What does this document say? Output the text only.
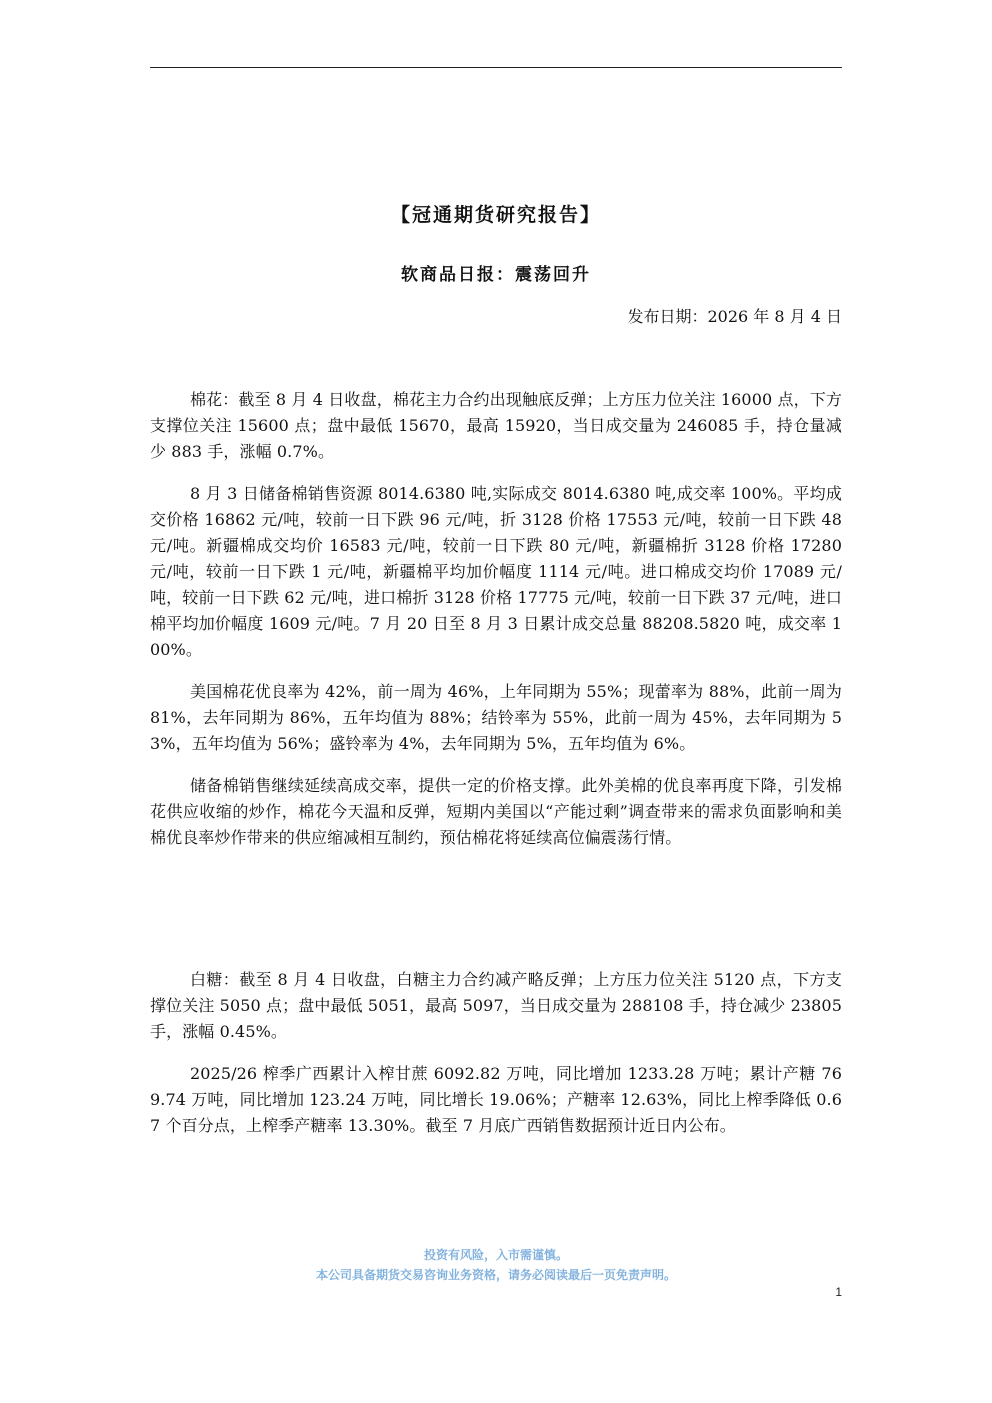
【冠通期货研究报告】
软商品日报：震荡回升
发布日期：2026 年 8 月 4 日

棉花：截至 8 月 4 日收盘，棉花主力合约出现触底反弹；上方压力位关注 16000 点，下方支撑位关注 15600 点；盘中最低 15670，最高 15920，当日成交量为 246085 手，持仓量减少 883 手，涨幅 0.7%。

8 月 3 日储备棉销售资源 8014.6380 吨,实际成交 8014.6380 吨,成交率 100%。平均成交价格 16862 元/吨，较前一日下跌 96 元/吨，折 3128 价格 17553 元/吨，较前一日下跌 48 元/吨。新疆棉成交均价 16583 元/吨，较前一日下跌 80 元/吨，新疆棉折 3128 价格 17280 元/吨，较前一日下跌 1 元/吨，新疆棉平均加价幅度 1114 元/吨。进口棉成交均价 17089 元/吨，较前一日下跌 62 元/吨，进口棉折 3128 价格 17775 元/吨，较前一日下跌 37 元/吨，进口棉平均加价幅度 1609 元/吨。7 月 20 日至 8 月 3 日累计成交总量 88208.5820 吨，成交率 100%。

美国棉花优良率为 42%，前一周为 46%，上年同期为 55%；现蕾率为 88%，此前一周为 81%，去年同期为 86%，五年均值为 88%；结铃率为 55%，此前一周为 45%，去年同期为 53%，五年均值为 56%；盛铃率为 4%，去年同期为 5%，五年均值为 6%。

储备棉销售继续延续高成交率，提供一定的价格支撑。此外美棉的优良率再度下降，引发棉花供应收缩的炒作，棉花今天温和反弹，短期内美国以“产能过剩”调查带来的需求负面影响和美棉优良率炒作带来的供应缩减相互制约，预估棉花将延续高位偏震荡行情。

白糖：截至 8 月 4 日收盘，白糖主力合约减产略反弹；上方压力位关注 5120 点，下方支撑位关注 5050 点；盘中最低 5051，最高 5097，当日成交量为 288108 手，持仓减少 23805 手，涨幅 0.45%。

2025/26 榨季广西累计入榨甘蔗 6092.82 万吨，同比增加 1233.28 万吨；累计产糖 769.74 万吨，同比增加 123.24 万吨，同比增长 19.06%；产糖率 12.63%，同比上榨季降低 0.67 个百分点，上榨季产糖率 13.30%。截至 7 月底广西销售数据预计近日内公布。

投资有风险，入市需谨慎。
本公司具备期货交易咨询业务资格，请务必阅读最后一页免责声明。
1
